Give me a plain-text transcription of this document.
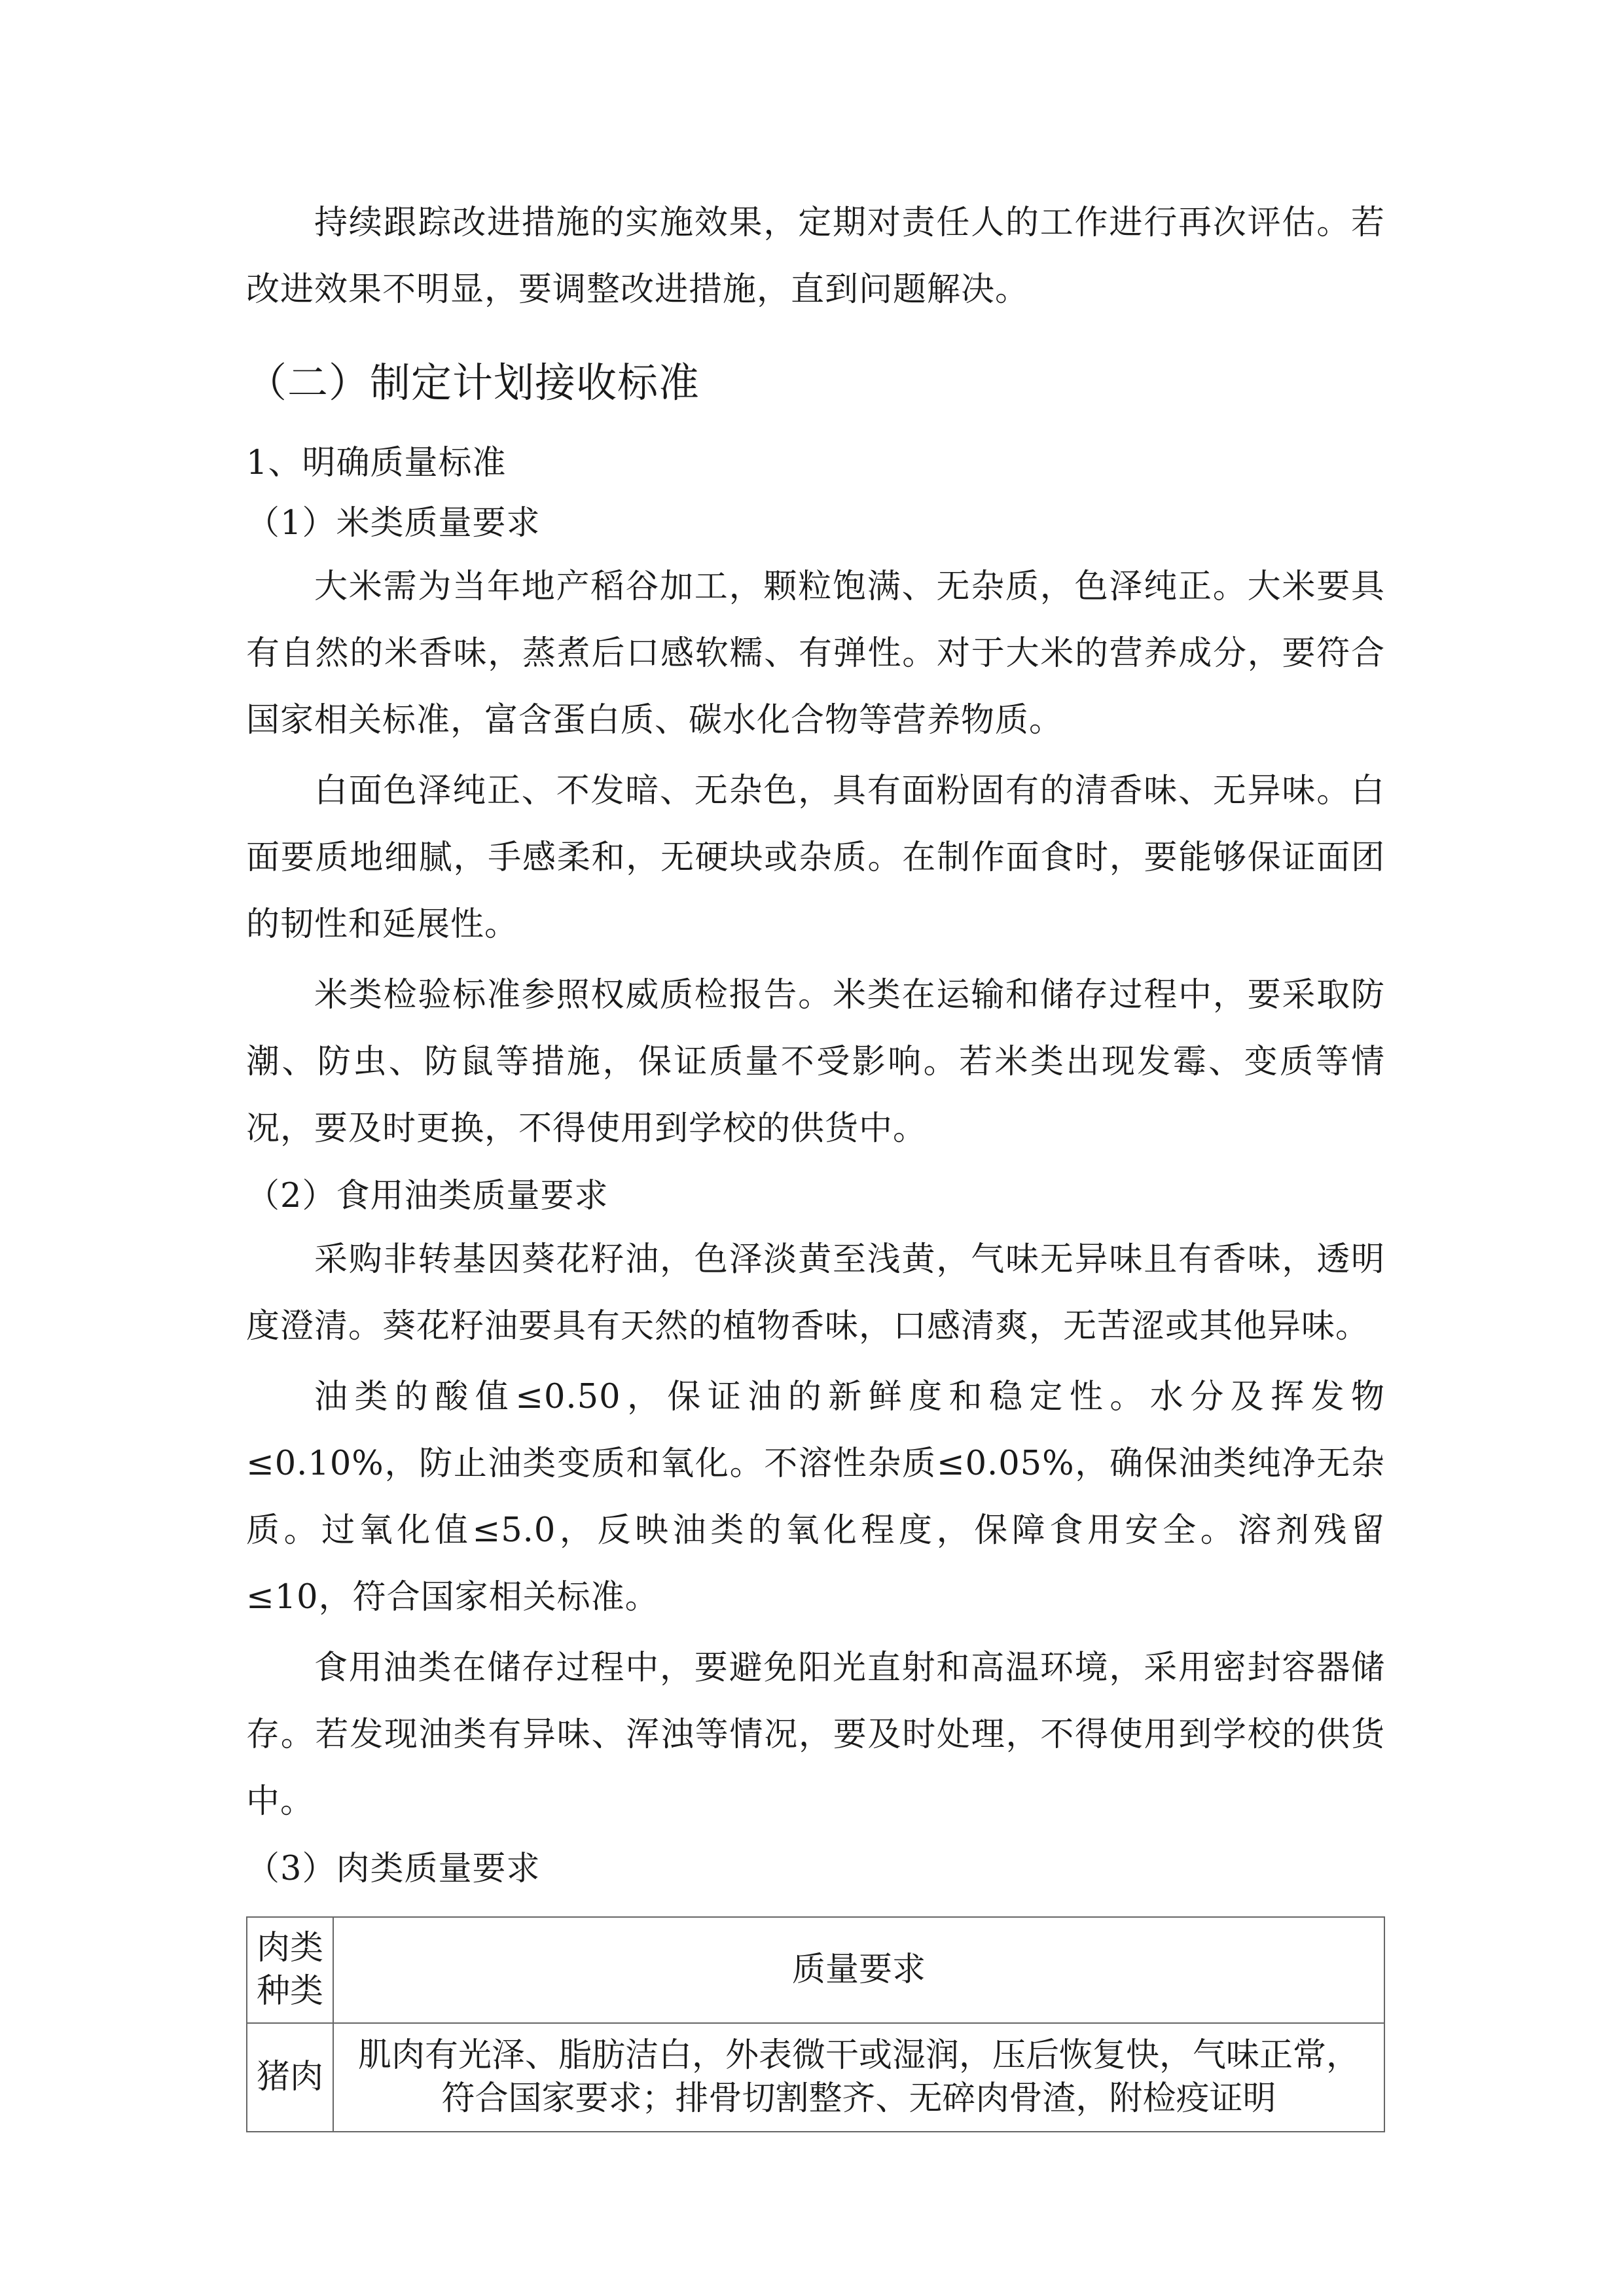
持续跟踪改进措施的实施效果，定期对责任人的工作进行再次评估。若改进效果不明显，要调整改进措施，直到问题解决。

（二）制定计划接收标准
1、明确质量标准
（1）米类质量要求

大米需为当年地产稻谷加工，颗粒饱满、无杂质，色泽纯正。大米要具有自然的米香味，蒸煮后口感软糯、有弹性。对于大米的营养成分，要符合国家相关标准，富含蛋白质、碳水化合物等营养物质。

白面色泽纯正、不发暗、无杂色，具有面粉固有的清香味、无异味。白面要质地细腻，手感柔和，无硬块或杂质。在制作面食时，要能够保证面团的韧性和延展性。

米类检验标准参照权威质检报告。米类在运输和储存过程中，要采取防潮、防虫、防鼠等措施，保证质量不受影响。若米类出现发霉、变质等情况，要及时更换，不得使用到学校的供货中。

（2）食用油类质量要求

采购非转基因葵花籽油，色泽淡黄至浅黄，气味无异味且有香味，透明度澄清。葵花籽油要具有天然的植物香味，口感清爽，无苦涩或其他异味。

油类的酸值≤0.50，保证油的新鲜度和稳定性。水分及挥发物≤0.10%，防止油类变质和氧化。不溶性杂质≤0.05%，确保油类纯净无杂质。过氧化值≤5.0，反映油类的氧化程度，保障食用安全。溶剂残留≤10，符合国家相关标准。

食用油类在储存过程中，要避免阳光直射和高温环境，采用密封容器储存。若发现油类有异味、浑浊等情况，要及时处理，不得使用到学校的供货中。

（3）肉类质量要求
肉类种类	质量要求

猪肉	肌肉有光泽、脂肪洁白，外表微干或湿润，压后恢复快，气味正常，符合国家要求；排骨切割整齐、无碎肉骨渣，附检疫证明
